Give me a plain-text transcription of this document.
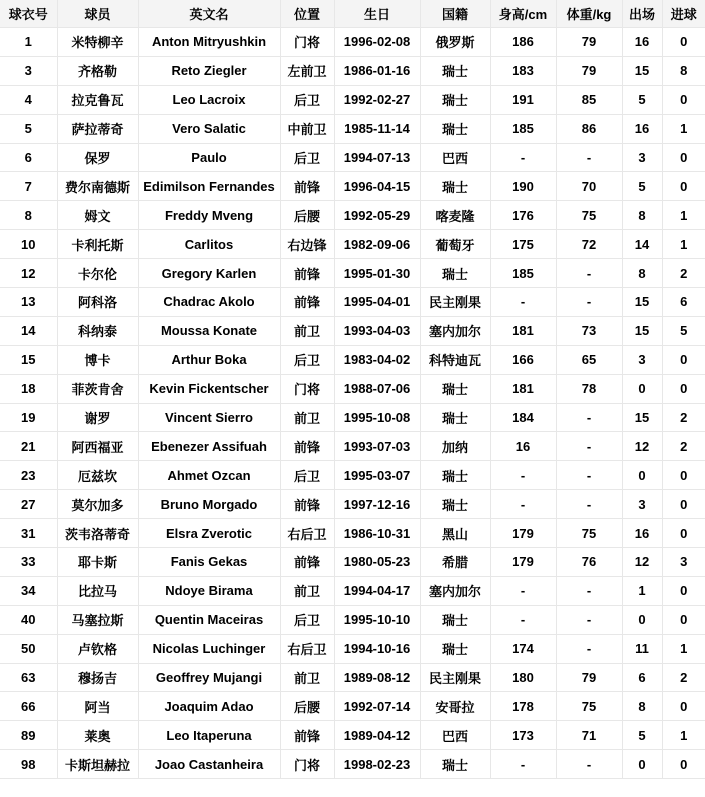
球衣号	球员	英文名	位置	生日	国籍	身高/cm	体重/kg	出场	进球
1	米特柳辛	Anton Mitryushkin	门将	1996-02-08	俄罗斯	186	79	16	0
3	齐格勒	Reto Ziegler	左前卫	1986-01-16	瑞士	183	79	15	8
4	拉克鲁瓦	Leo Lacroix	后卫	1992-02-27	瑞士	191	85	5	0
5	萨拉蒂奇	Vero Salatic	中前卫	1985-11-14	瑞士	185	86	16	1
6	保罗	Paulo	后卫	1994-07-13	巴西	-	-	3	0
7	费尔南德斯	Edimilson Fernandes	前锋	1996-04-15	瑞士	190	70	5	0
8	姆文	Freddy Mveng	后腰	1992-05-29	喀麦隆	176	75	8	1
10	卡利托斯	Carlitos	右边锋	1982-09-06	葡萄牙	175	72	14	1
12	卡尔伦	Gregory Karlen	前锋	1995-01-30	瑞士	185	-	8	2
13	阿科洛	Chadrac Akolo	前锋	1995-04-01	民主刚果	-	-	15	6
14	科纳泰	Moussa Konate	前卫	1993-04-03	塞内加尔	181	73	15	5
15	博卡	Arthur Boka	后卫	1983-04-02	科特迪瓦	166	65	3	0
18	菲茨肯舍	Kevin Fickentscher	门将	1988-07-06	瑞士	181	78	0	0
19	谢罗	Vincent Sierro	前卫	1995-10-08	瑞士	184	-	15	2
21	阿西福亚	Ebenezer Assifuah	前锋	1993-07-03	加纳	16	-	12	2
23	厄兹坎	Ahmet Ozcan	后卫	1995-03-07	瑞士	-	-	0	0
27	莫尔加多	Bruno Morgado	前锋	1997-12-16	瑞士	-	-	3	0
31	茨韦洛蒂奇	Elsra Zverotic	右后卫	1986-10-31	黑山	179	75	16	0
33	耶卡斯	Fanis Gekas	前锋	1980-05-23	希腊	179	76	12	3
34	比拉马	Ndoye Birama	前卫	1994-04-17	塞内加尔	-	-	1	0
40	马塞拉斯	Quentin Maceiras	后卫	1995-10-10	瑞士	-	-	0	0
50	卢钦格	Nicolas Luchinger	右后卫	1994-10-16	瑞士	174	-	11	1
63	穆扬吉	Geoffrey Mujangi	前卫	1989-08-12	民主刚果	180	79	6	2
66	阿当	Joaquim Adao	后腰	1992-07-14	安哥拉	178	75	8	0
89	莱奥	Leo Itaperuna	前锋	1989-04-12	巴西	173	71	5	1
98	卡斯坦赫拉	Joao Castanheira	门将	1998-02-23	瑞士	-	-	0	0
